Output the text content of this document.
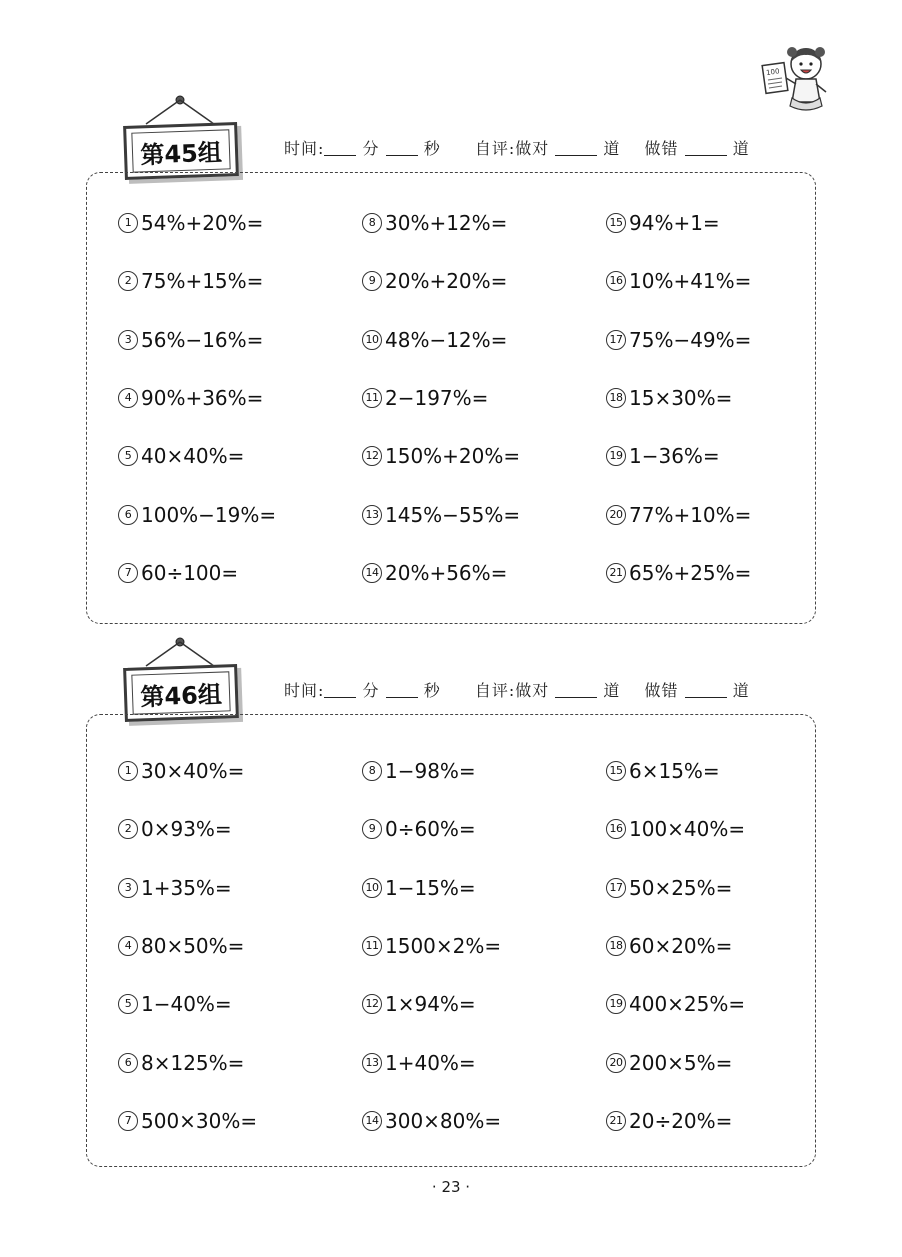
100
第45组	时间: 分	秒 自评:做对	道 做错	道
1 54%+20%=
2 75%+15%=
3 56%−16%=
4 90%+36%=
5 40×40%=
6 100%−19%=
7 60÷100=
8 30%+12%=
9 20%+20%=
10 48%−12%=
11 2−197%=
12 150%+20%=
13 145%−55%=
14 20%+56%=
15 94%+1=
16 10%+41%=
17 75%−49%=
18 15×30%=
19 1−36%=
20 77%+10%=
21 65%+25%=
第46组	时间: 分	秒 自评:做对	道 做错	道
1 30×40%=
2 0×93%=
3 1+35%=
4 80×50%=
5 1−40%=
6 8×125%=
7 500×30%=
8 1−98%=
9 0÷60%=
10 1−15%=
11 1500×2%=
12 1×94%=
13 1+40%=
14 300×80%=
15 6×15%=
16 100×40%=
17 50×25%=
18 60×20%=
19 400×25%=
20 200×5%=
21 20÷20%=
· 23 ·
